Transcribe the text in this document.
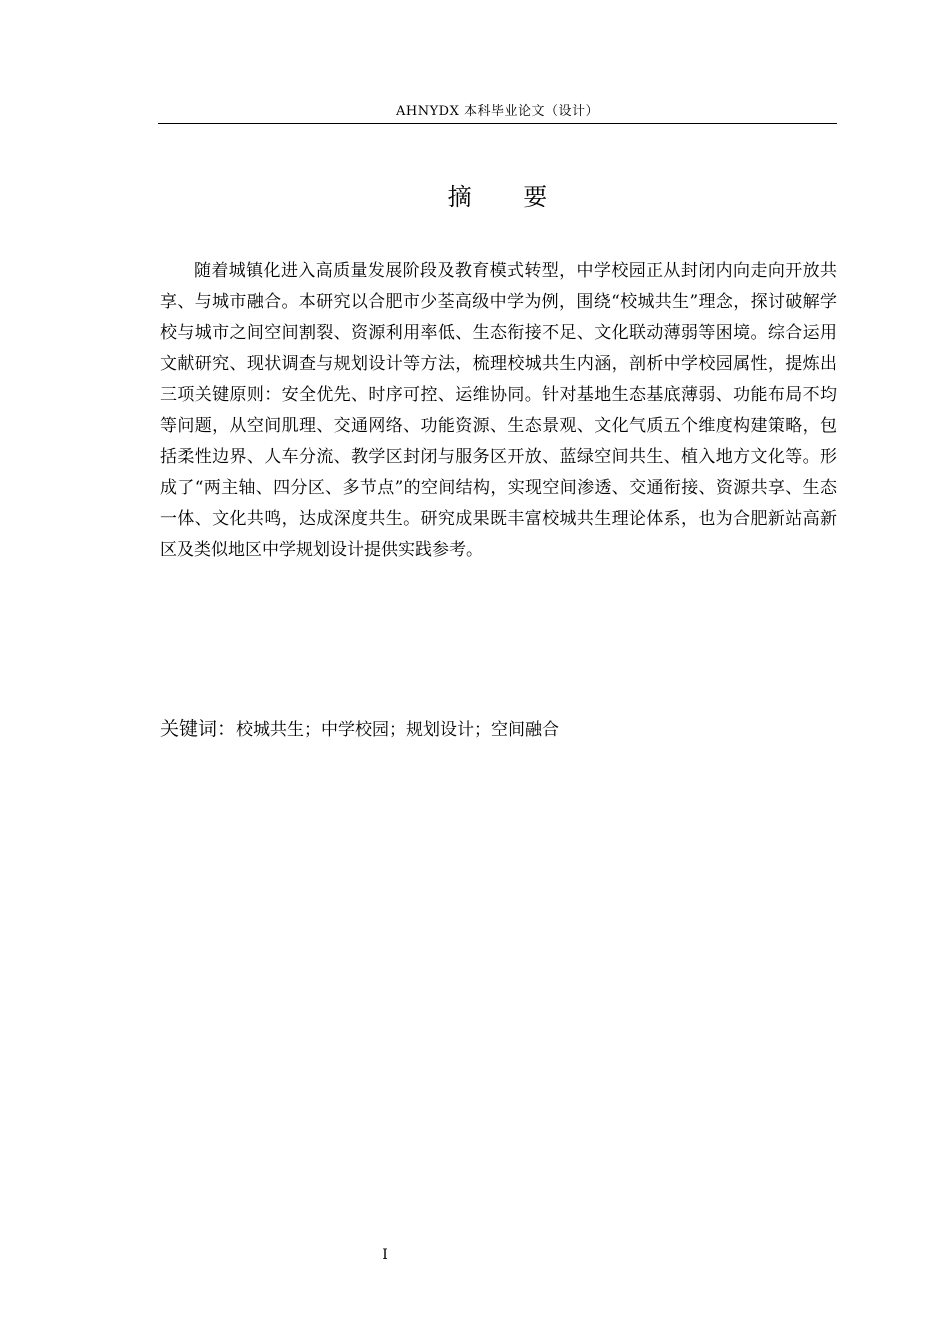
AHNYDX 本科毕业论文（设计）
摘 要

随着城镇化进入高质量发展阶段及教育模式转型，中学校园正从封闭内向走向开放共享、与城市融合。本研究以合肥市少荃高级中学为例，围绕“校城共生”理念，探讨破解学校与城市之间空间割裂、资源利用率低、生态衔接不足、文化联动薄弱等困境。综合运用文献研究、现状调查与规划设计等方法，梳理校城共生内涵，剖析中学校园属性，提炼出三项关键原则：安全优先、时序可控、运维协同。针对基地生态基底薄弱、功能布局不均等问题，从空间肌理、交通网络、功能资源、生态景观、文化气质五个维度构建策略，包括柔性边界、人车分流、教学区封闭与服务区开放、蓝绿空间共生、植入地方文化等。形成了“两主轴、四分区、多节点”的空间结构，实现空间渗透、交通衔接、资源共享、生态一体、文化共鸣，达成深度共生。研究成果既丰富校城共生理论体系，也为合肥新站高新区及类似地区中学规划设计提供实践参考。

关键词：校城共生；中学校园；规划设计；空间融合
I
